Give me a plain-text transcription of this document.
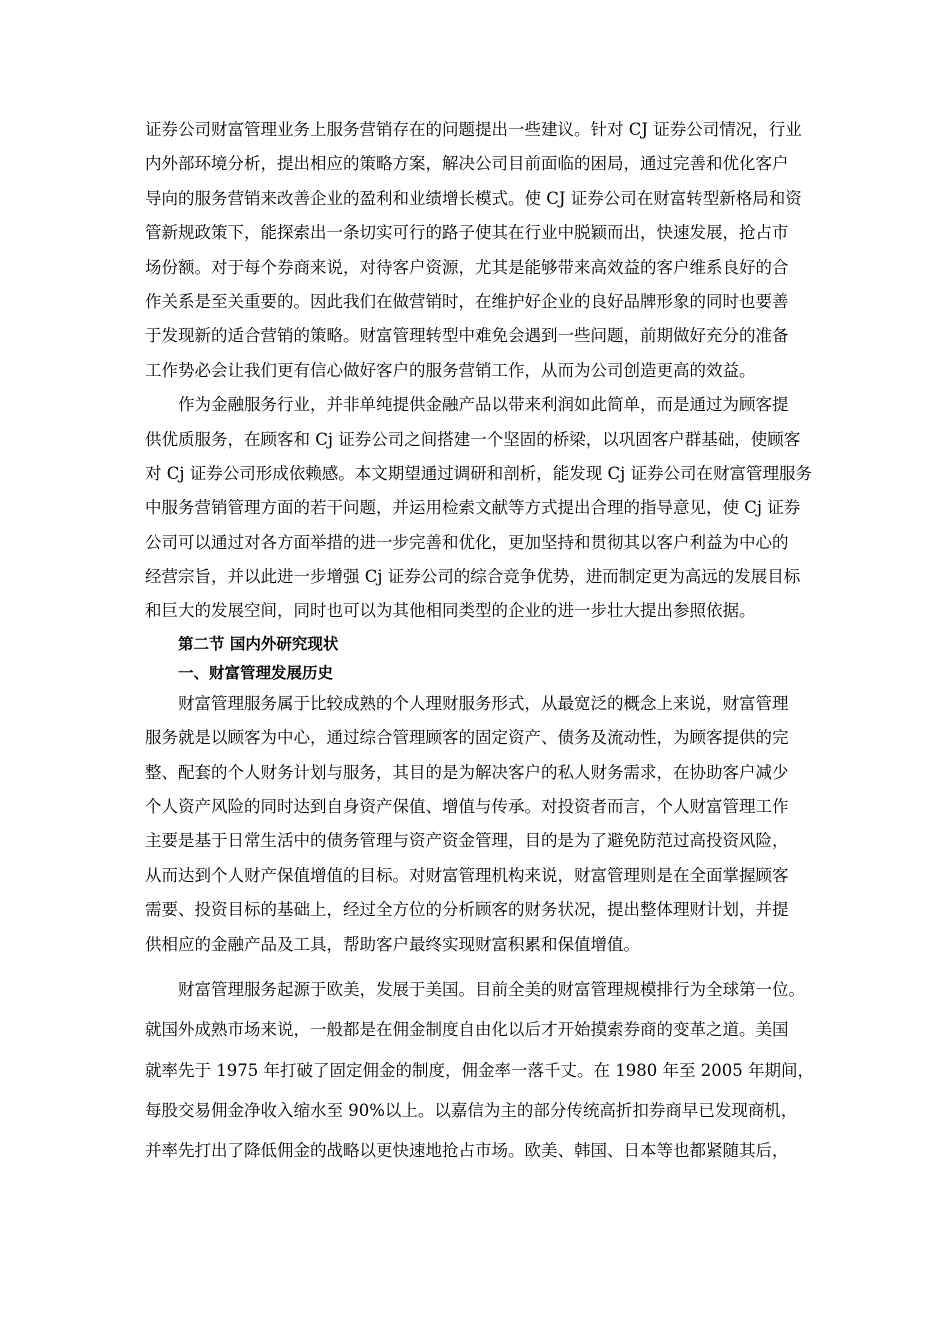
证券公司财富管理业务上服务营销存在的问题提出一些建议。针对 CJ 证券公司情况，行业
内外部环境分析，提出相应的策略方案，解决公司目前面临的困局，通过完善和优化客户
导向的服务营销来改善企业的盈利和业绩增长模式。使 CJ 证券公司在财富转型新格局和资
管新规政策下，能探索出一条切实可行的路子使其在行业中脱颖而出，快速发展，抢占市
场份额。对于每个券商来说，对待客户资源，尤其是能够带来高效益的客户维系良好的合
作关系是至关重要的。因此我们在做营销时，在维护好企业的良好品牌形象的同时也要善
于发现新的适合营销的策略。财富管理转型中难免会遇到一些问题，前期做好充分的准备
工作势必会让我们更有信心做好客户的服务营销工作，从而为公司创造更高的效益。
作为金融服务行业，并非单纯提供金融产品以带来利润如此简单，而是通过为顾客提
供优质服务，在顾客和 Cj 证券公司之间搭建一个坚固的桥梁，以巩固客户群基础，使顾客
对 Cj 证券公司形成依赖感。本文期望通过调研和剖析，能发现 Cj 证券公司在财富管理服务
中服务营销管理方面的若干问题，并运用检索文献等方式提出合理的指导意见，使 Cj 证券
公司可以通过对各方面举措的进一步完善和优化，更加坚持和贯彻其以客户利益为中心的
经营宗旨，并以此进一步增强 Cj 证券公司的综合竞争优势，进而制定更为高远的发展目标
和巨大的发展空间，同时也可以为其他相同类型的企业的进一步壮大提出参照依据。
第二节 国内外研究现状
一、财富管理发展历史
财富管理服务属于比较成熟的个人理财服务形式，从最宽泛的概念上来说，财富管理
服务就是以顾客为中心，通过综合管理顾客的固定资产、债务及流动性，为顾客提供的完
整、配套的个人财务计划与服务，其目的是为解决客户的私人财务需求，在协助客户减少
个人资产风险的同时达到自身资产保值、增值与传承。对投资者而言，个人财富管理工作
主要是基于日常生活中的债务管理与资产资金管理，目的是为了避免防范过高投资风险，
从而达到个人财产保值增值的目标。对财富管理机构来说，财富管理则是在全面掌握顾客
需要、投资目标的基础上，经过全方位的分析顾客的财务状况，提出整体理财计划，并提
供相应的金融产品及工具，帮助客户最终实现财富积累和保值增值。
财富管理服务起源于欧美，发展于美国。目前全美的财富管理规模排行为全球第一位。
就国外成熟市场来说，一般都是在佣金制度自由化以后才开始摸索券商的变革之道。美国
就率先于 1975 年打破了固定佣金的制度，佣金率一落千丈。在 1980 年至 2005 年期间，
每股交易佣金净收入缩水至 90%以上。以嘉信为主的部分传统高折扣券商早已发现商机，
并率先打出了降低佣金的战略以更快速地抢占市场。欧美、韩国、日本等也都紧随其后，
